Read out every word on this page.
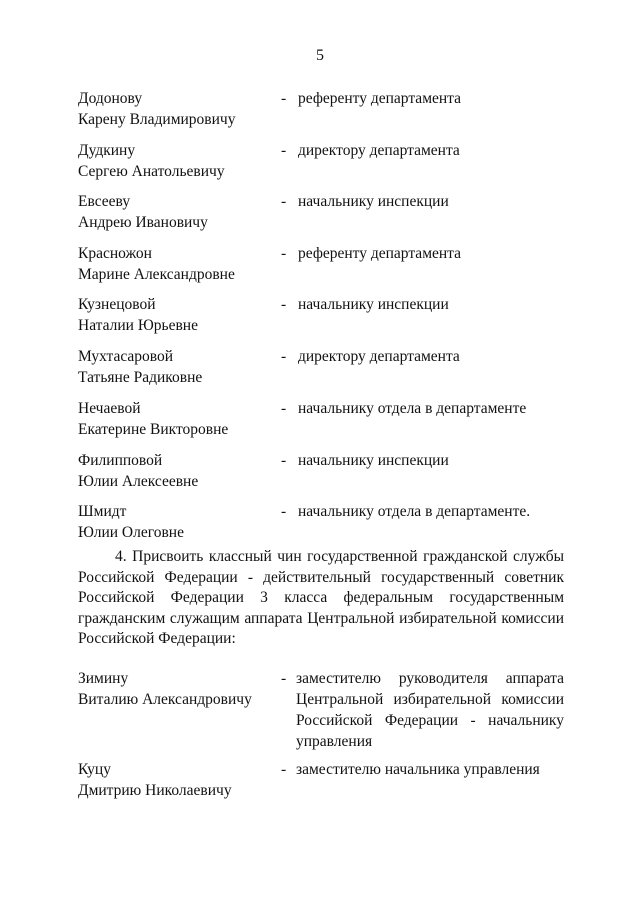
5
Додонову
Карену Владимировичу
- референту департамента
Дудкину
Сергею Анатольевичу
- директору департамента
Евсееву
Андрею Ивановичу
- начальнику инспекции
Красножон
Марине Александровне
- референту департамента
Кузнецовой
Наталии Юрьевне
- начальнику инспекции
Мухтасаровой
Татьяне Радиковне
- директору департамента
Нечаевой
Екатерине Викторовне
- начальнику отдела в департаменте
Филипповой
Юлии Алексеевне
- начальнику инспекции
Шмидт
Юлии Олеговне
- начальнику отдела в департаменте.
4. Присвоить классный чин государственной гражданской службы Российской Федерации - действительный государственный советник Российской Федерации 3 класса федеральным государственным гражданским служащим аппарата Центральной избирательной комиссии Российской Федерации:
Зимину
Виталию Александровичу
- заместителю руководителя аппарата Центральной избирательной комиссии Российской Федерации - начальнику управления
Куцу
Дмитрию Николаевичу
- заместителю начальника управления
